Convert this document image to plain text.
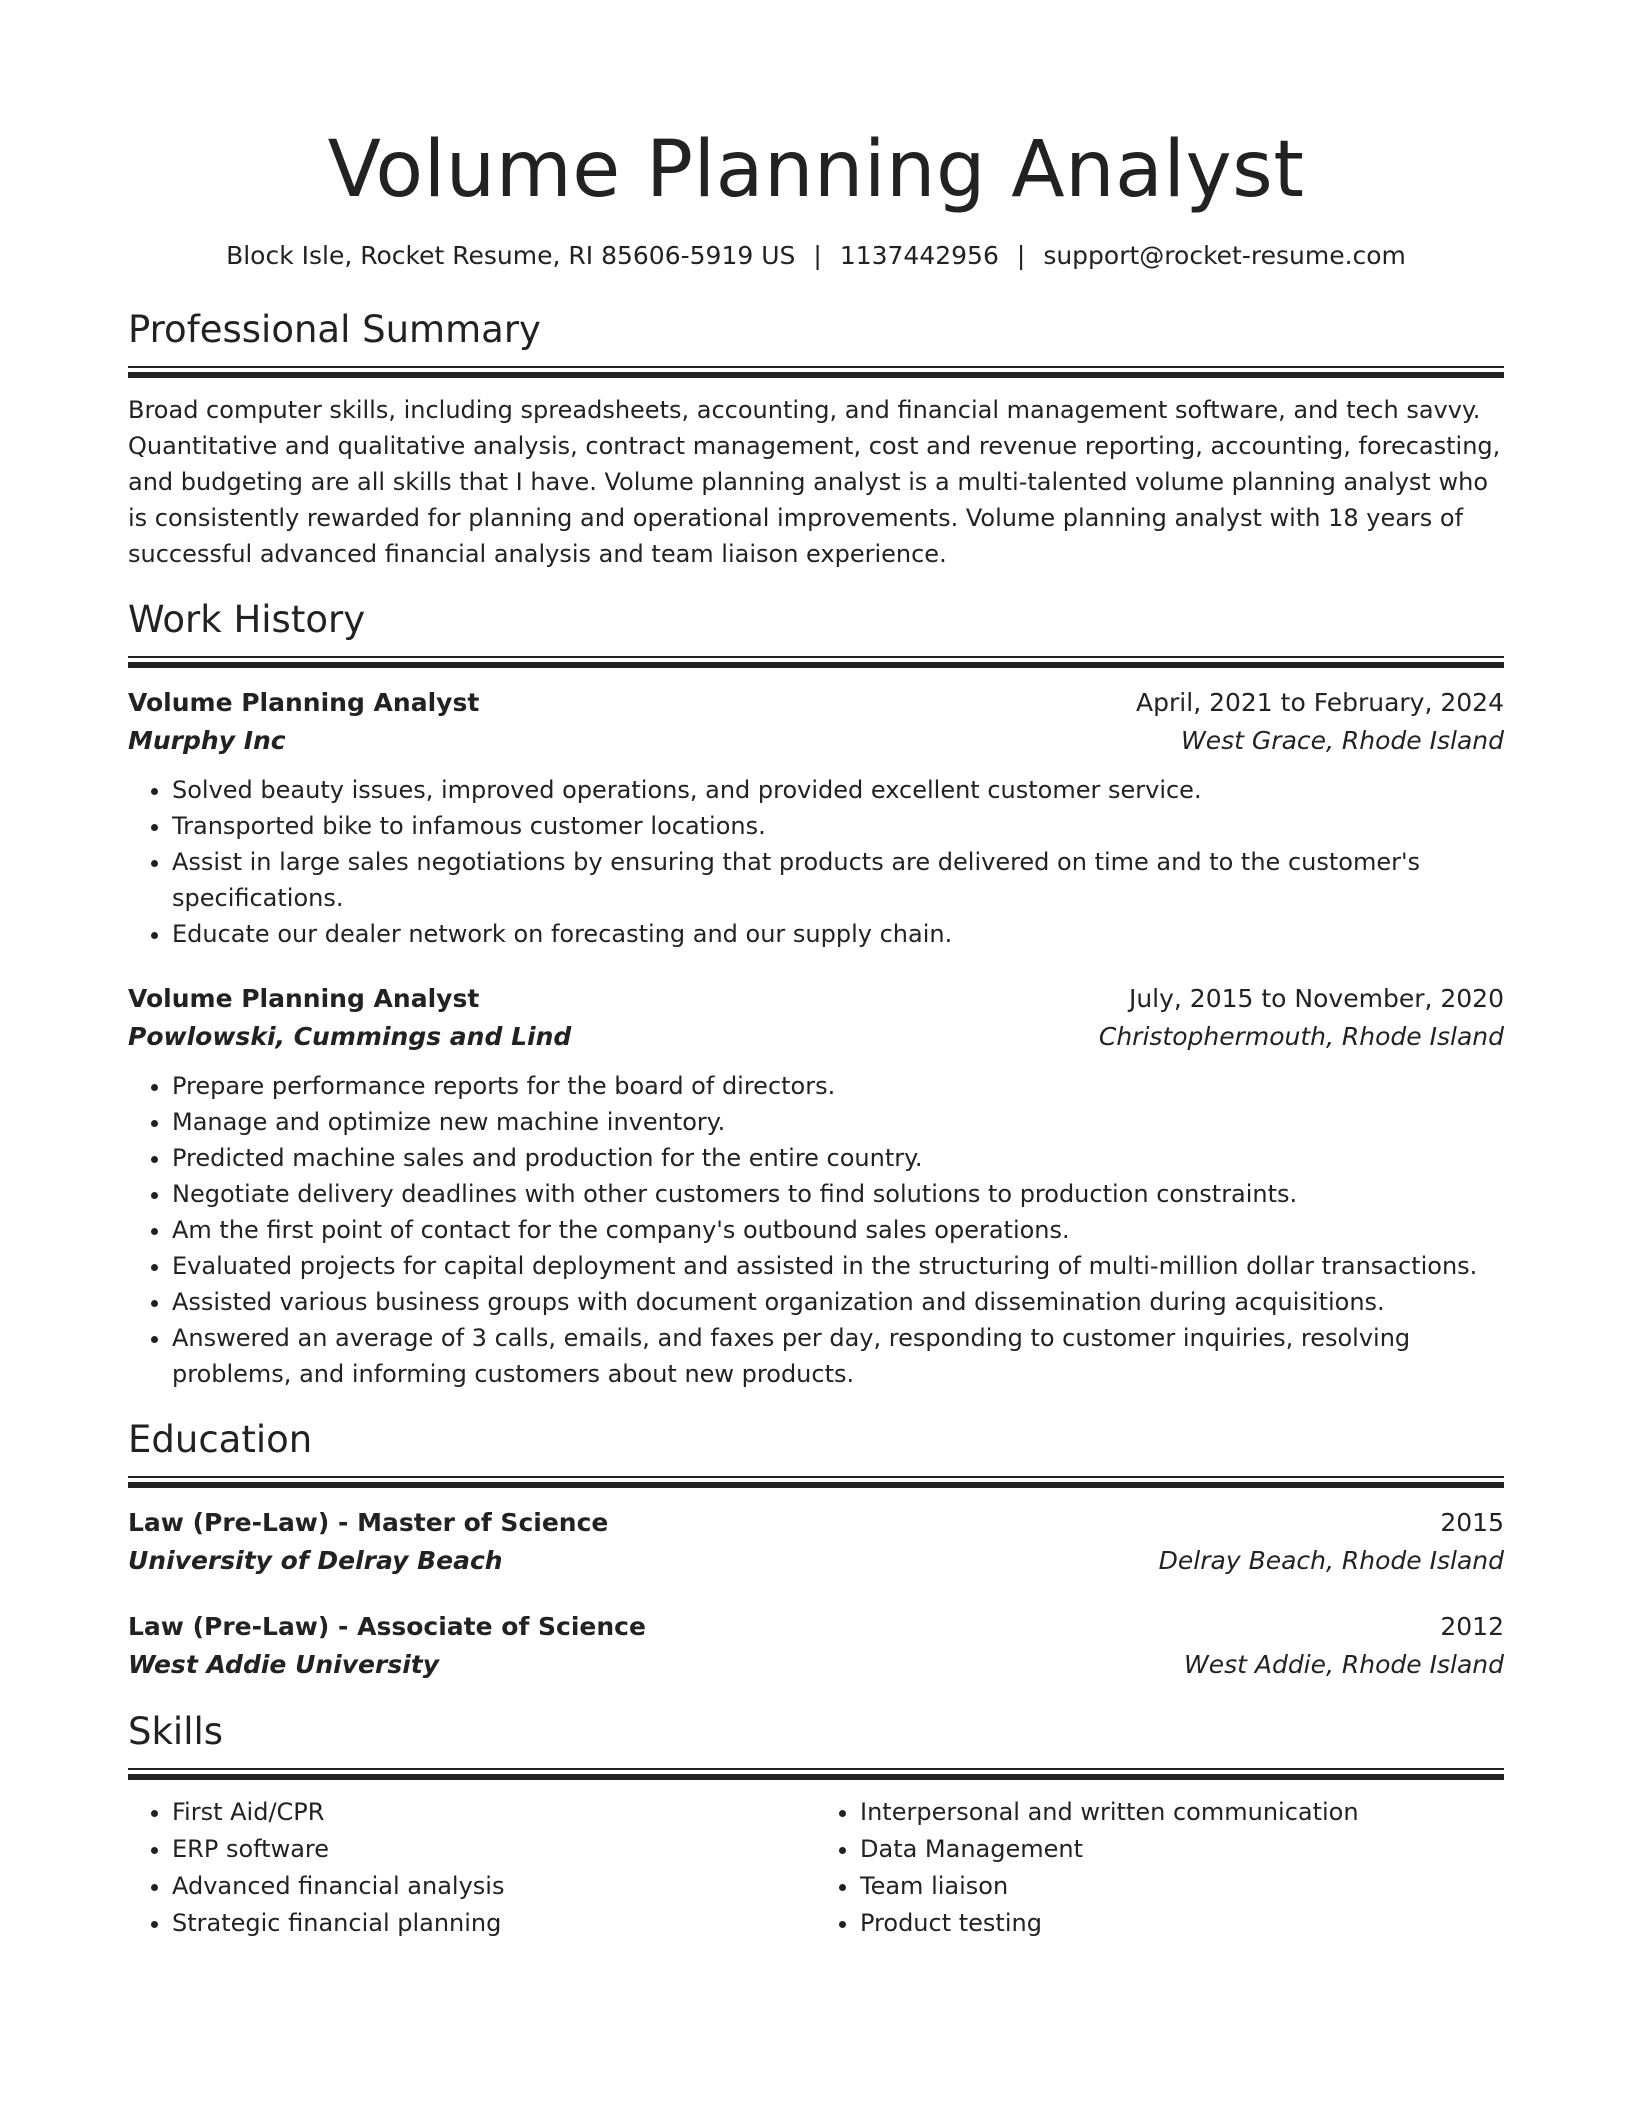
Volume Planning Analyst
Block Isle, Rocket Resume, RI 85606-5919 US | 1137442956 | support@rocket-resume.com
Professional Summary

Broad computer skills, including spreadsheets, accounting, and financial management software, and tech savvy. Quantitative and qualitative analysis, contract management, cost and revenue reporting, accounting, forecasting, and budgeting are all skills that I have. Volume planning analyst is a multi-talented volume planning analyst who is consistently rewarded for planning and operational improvements. Volume planning analyst with 18 years of successful advanced financial analysis and team liaison experience.

Work History
Volume Planning Analyst	April, 2021 to February, 2024
Murphy Inc	West Grace, Rhode Island
• Solved beauty issues, improved operations, and provided excellent customer service.
• Transported bike to infamous customer locations.
• Assist in large sales negotiations by ensuring that products are delivered on time and to the customer's specifications.
• Educate our dealer network on forecasting and our supply chain.
Volume Planning Analyst	July, 2015 to November, 2020
Powlowski, Cummings and Lind	Christophermouth, Rhode Island
• Prepare performance reports for the board of directors.
• Manage and optimize new machine inventory.
• Predicted machine sales and production for the entire country.
• Negotiate delivery deadlines with other customers to find solutions to production constraints.
• Am the first point of contact for the company's outbound sales operations.
• Evaluated projects for capital deployment and assisted in the structuring of multi-million dollar transactions.
• Assisted various business groups with document organization and dissemination during acquisitions.
• Answered an average of 3 calls, emails, and faxes per day, responding to customer inquiries, resolving problems, and informing customers about new products.
Education
Law (Pre-Law) - Master of Science	2015
University of Delray Beach	Delray Beach, Rhode Island
Law (Pre-Law) - Associate of Science	2012
West Addie University	West Addie, Rhode Island
Skills
• First Aid/CPR
• ERP software
• Advanced financial analysis
• Strategic financial planning
• Interpersonal and written communication
• Data Management
• Team liaison
• Product testing
